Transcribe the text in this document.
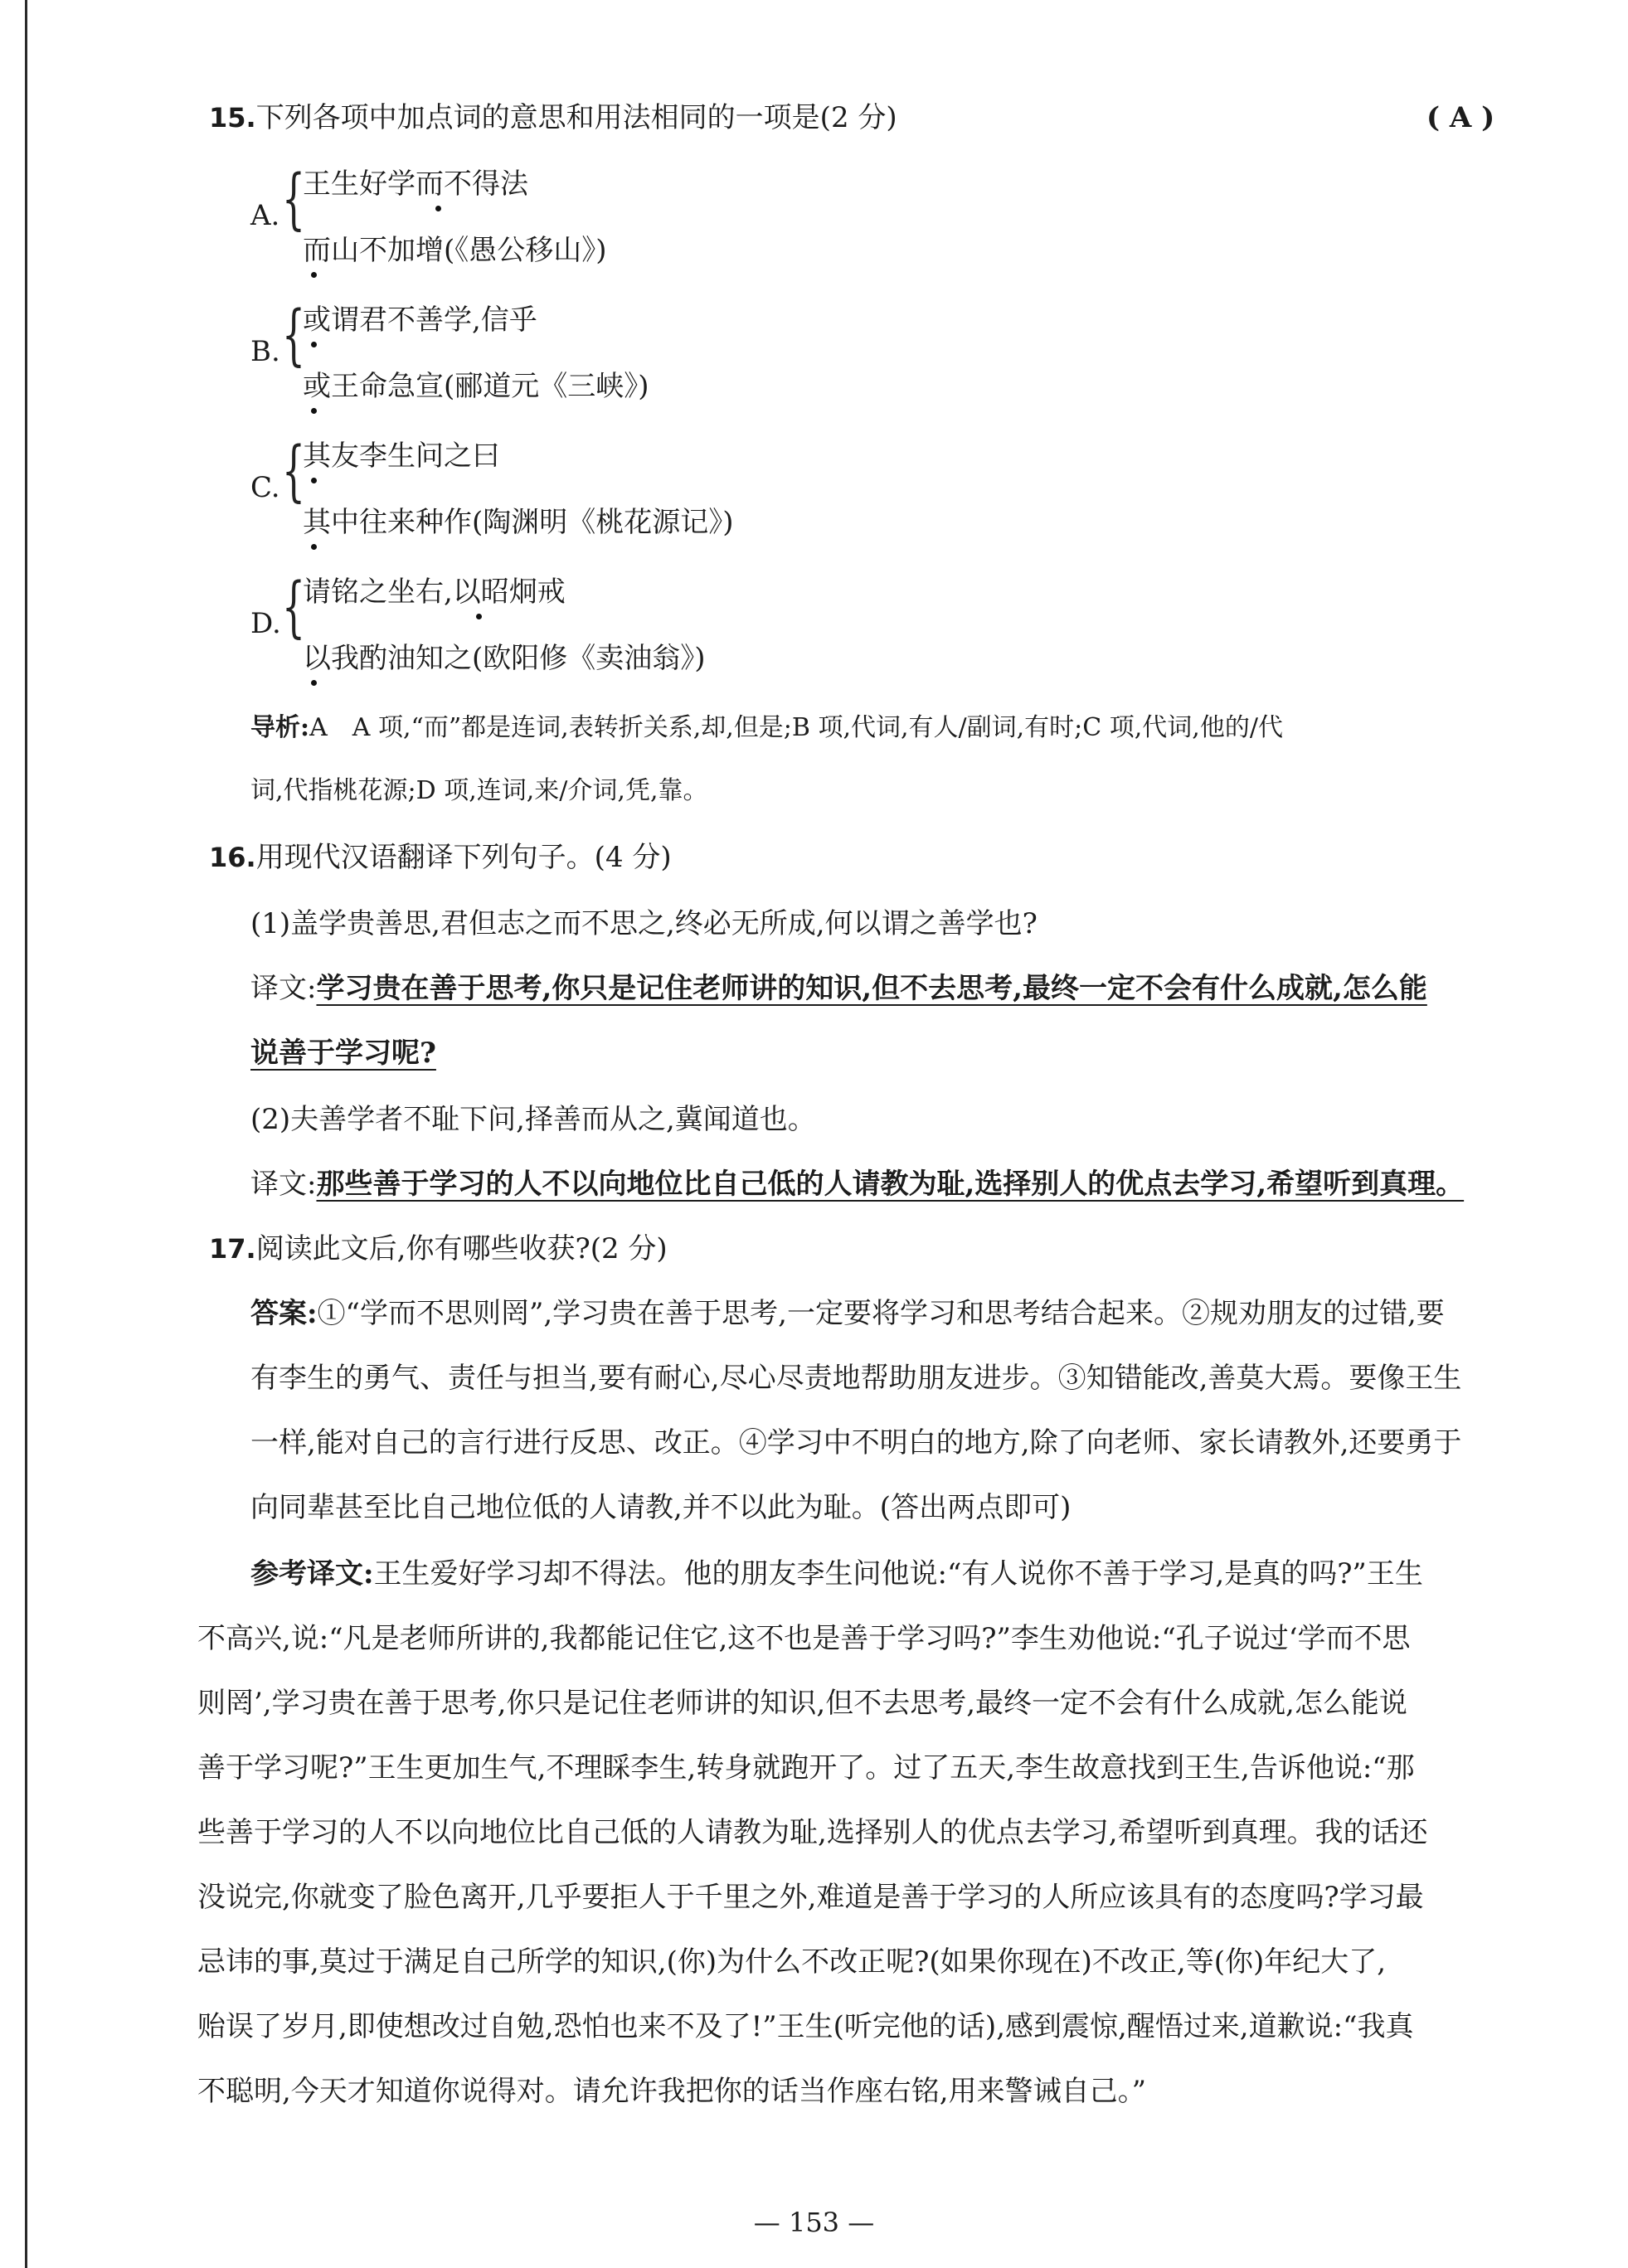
15.下列各项中加点词的意思和用法相同的一项是(2 分)	( A )
A. {
王生好学而不得法
而山不加增(《愚公移山》)
B. {
或谓君不善学,信乎
或王命急宣(郦道元《三峡》)
C. {
其友李生问之曰
其中往来种作(陶渊明《桃花源记》)
D. {
请铭之坐右,以昭炯戒
以我酌油知之(欧阳修《卖油翁》)
导析:A　A 项,“而”都是连词,表转折关系,却,但是;B 项,代词,有人/副词,有时;C 项,代词,他的/代
词,代指桃花源;D 项,连词,来/介词,凭,靠。
16.用现代汉语翻译下列句子。(4 分)
(1)盖学贵善思,君但志之而不思之,终必无所成,何以谓之善学也?
译文:学习贵在善于思考,你只是记住老师讲的知识,但不去思考,最终一定不会有什么成就,怎么能
说善于学习呢?
(2)夫善学者不耻下问,择善而从之,冀闻道也。
译文:那些善于学习的人不以向地位比自己低的人请教为耻,选择别人的优点去学习,希望听到真理。
17.阅读此文后,你有哪些收获?(2 分)
答案:①“学而不思则罔”,学习贵在善于思考,一定要将学习和思考结合起来。②规劝朋友的过错,要
有李生的勇气、责任与担当,要有耐心,尽心尽责地帮助朋友进步。③知错能改,善莫大焉。要像王生
一样,能对自己的言行进行反思、改正。④学习中不明白的地方,除了向老师、家长请教外,还要勇于
向同辈甚至比自己地位低的人请教,并不以此为耻。(答出两点即可)
参考译文:王生爱好学习却不得法。他的朋友李生问他说:“有人说你不善于学习,是真的吗?”王生
不高兴,说:“凡是老师所讲的,我都能记住它,这不也是善于学习吗?”李生劝他说:“孔子说过‘学而不思
则罔’,学习贵在善于思考,你只是记住老师讲的知识,但不去思考,最终一定不会有什么成就,怎么能说
善于学习呢?”王生更加生气,不理睬李生,转身就跑开了。过了五天,李生故意找到王生,告诉他说:“那
些善于学习的人不以向地位比自己低的人请教为耻,选择别人的优点去学习,希望听到真理。我的话还
没说完,你就变了脸色离开,几乎要拒人于千里之外,难道是善于学习的人所应该具有的态度吗?学习最
忌讳的事,莫过于满足自己所学的知识,(你)为什么不改正呢?(如果你现在)不改正,等(你)年纪大了,
贻误了岁月,即使想改过自勉,恐怕也来不及了!”王生(听完他的话),感到震惊,醒悟过来,道歉说:“我真
不聪明,今天才知道你说得对。请允许我把你的话当作座右铭,用来警诫自己。”
— 153 —
